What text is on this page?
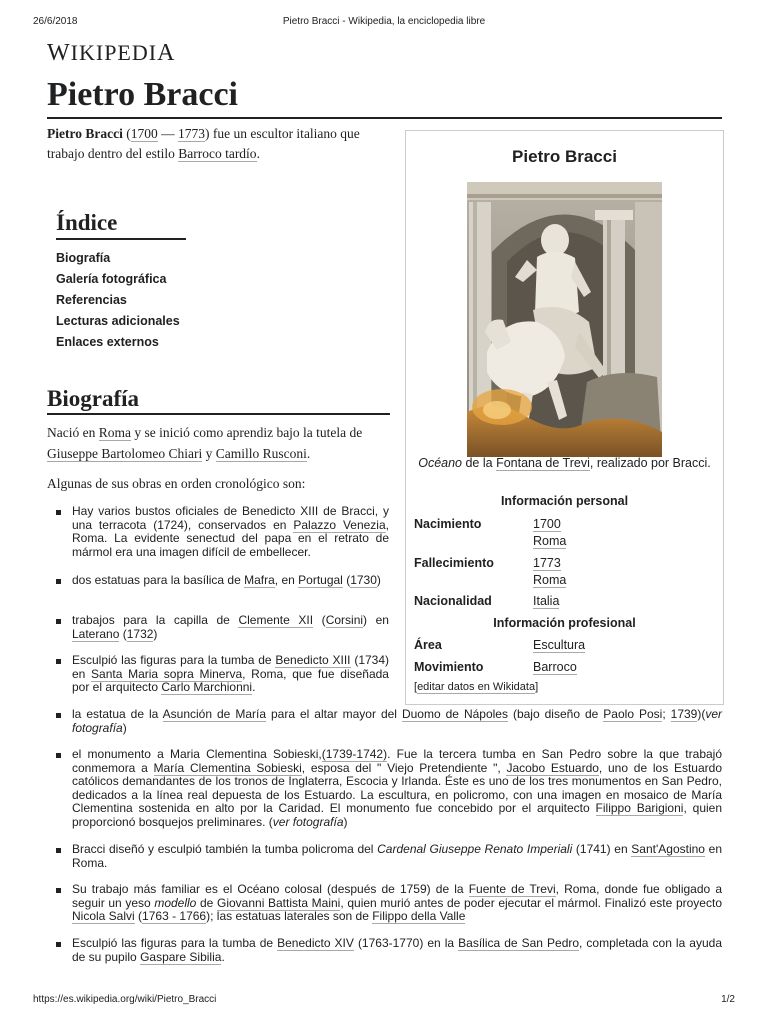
26/6/2018	Pietro Bracci - Wikipedia, la enciclopedia libre
WIKIPEDIA
Pietro Bracci
Pietro Bracci (1700 — 1773) fue un escultor italiano que trabajo dentro del estilo Barroco tardío.
Índice
Biografía
Galería fotográfica
Referencias
Lecturas adicionales
Enlaces externos
Biografía
Nació en Roma y se inició como aprendiz bajo la tutela de Giuseppe Bartolomeo Chiari y Camillo Rusconi.
Algunas de sus obras en orden cronológico son:
Hay varios bustos oficiales de Benedicto XIII de Bracci, y una terracota (1724), conservados en Palazzo Venezia, Roma. La evidente senectud del papa en el retrato de mármol era una imagen difícil de embellecer.
dos estatuas para la basílica de Mafra, en Portugal (1730)
trabajos para la capilla de Clemente XII (Corsini) en Laterano (1732)
Esculpió las figuras para la tumba de Benedicto XIII (1734) en Santa Maria sopra Minerva, Roma, que fue diseñada por el arquitecto Carlo Marchionni.
la estatua de la Asunción de María para el altar mayor del Duomo de Nápoles (bajo diseño de Paolo Posi; 1739)(ver fotografía)
el monumento a Maria Clementina Sobieski,(1739-1742). Fue la tercera tumba en San Pedro sobre la que trabajó conmemora a María Clementina Sobieski, esposa del " Viejo Pretendiente ", Jacobo Estuardo, uno de los Estuardo católicos demandantes de los tronos de Inglaterra, Escocia y Irlanda. Éste es uno de los tres monumentos en San Pedro, dedicados a la línea real depuesta de los Estuardo. La escultura, en policromo, con una imagen en mosaico de María Clementina sostenida en alto por la Caridad. El monumento fue concebido por el arquitecto Filippo Barigioni, quien proporcionó bosquejos preliminares. (ver fotografía)
Bracci diseñó y esculpió también la tumba policroma del Cardenal Giuseppe Renato Imperiali (1741) en Sant'Agostino en Roma.
Su trabajo más familiar es el Océano colosal (después de 1759) de la Fuente de Trevi, Roma, donde fue obligado a seguir un yeso modello de Giovanni Battista Maini, quien murió antes de poder ejecutar el mármol. Finalizó este proyecto Nicola Salvi (1763 - 1766); las estatuas laterales son de Filippo della Valle
Esculpió las figuras para la tumba de Benedicto XIV (1763-1770) en la Basílica de San Pedro, completada con la ayuda de su pupilo Gaspare Sibilia.
Pietro Bracci
Océano de la Fontana de Trevi, realizado por Bracci.
Información personal
Nacimiento	1700
Roma
Fallecimiento	1773
Roma
Nacionalidad	Italia
Información profesional
Área	Escultura
Movimiento	Barroco
[editar datos en Wikidata]
https://es.wikipedia.org/wiki/Pietro_Bracci	1/2
